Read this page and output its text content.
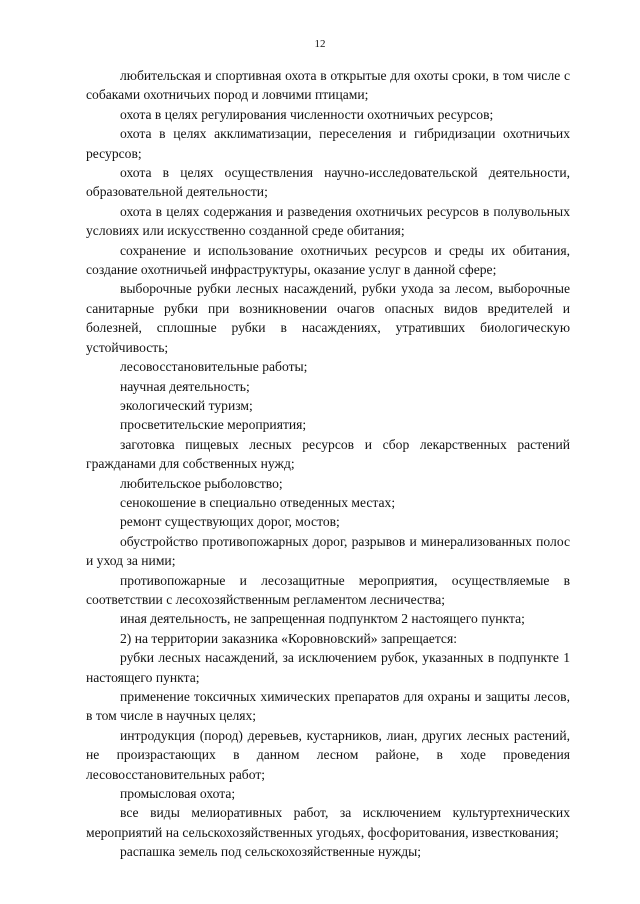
12

любительская и спортивная охота в открытые для охоты сроки, в том числе с собаками охотничьих пород и ловчими птицами;

охота в целях регулирования численности охотничьих ресурсов;

охота в целях акклиматизации, переселения и гибридизации охотничьих ресурсов;

охота в целях осуществления научно-исследовательской деятельности, образовательной деятельности;

охота в целях содержания и разведения охотничьих ресурсов в полувольных условиях или искусственно созданной среде обитания;

сохранение и использование охотничьих ресурсов и среды их обитания, создание охотничьей инфраструктуры, оказание услуг в данной сфере;

выборочные рубки лесных насаждений, рубки ухода за лесом, выборочные санитарные рубки при возникновении очагов опасных видов вредителей и болезней, сплошные рубки в насаждениях, утративших биологическую устойчивость;

лесовосстановительные работы;

научная деятельность;

экологический туризм;

просветительские мероприятия;

заготовка пищевых лесных ресурсов и сбор лекарственных растений гражданами для собственных нужд;

любительское рыболовство;

сенокошение в специально отведенных местах;

ремонт существующих дорог, мостов;

обустройство противопожарных дорог, разрывов и минерализованных полос и уход за ними;

противопожарные и лесозащитные мероприятия, осуществляемые в соответствии с лесохозяйственным регламентом лесничества;

иная деятельность, не запрещенная подпунктом 2 настоящего пункта;

2) на территории заказника «Коровновский» запрещается:

рубки лесных насаждений, за исключением рубок, указанных в подпункте 1 настоящего пункта;

применение токсичных химических препаратов для охраны и защиты лесов, в том числе в научных целях;

интродукция (пород) деревьев, кустарников, лиан, других лесных растений, не произрастающих в данном лесном районе, в ходе проведения лесовосстановительных работ;

промысловая охота;

все виды мелиоративных работ, за исключением культуртехнических мероприятий на сельскохозяйственных угодьях, фосфоритования, известкования;

распашка земель под сельскохозяйственные нужды;
